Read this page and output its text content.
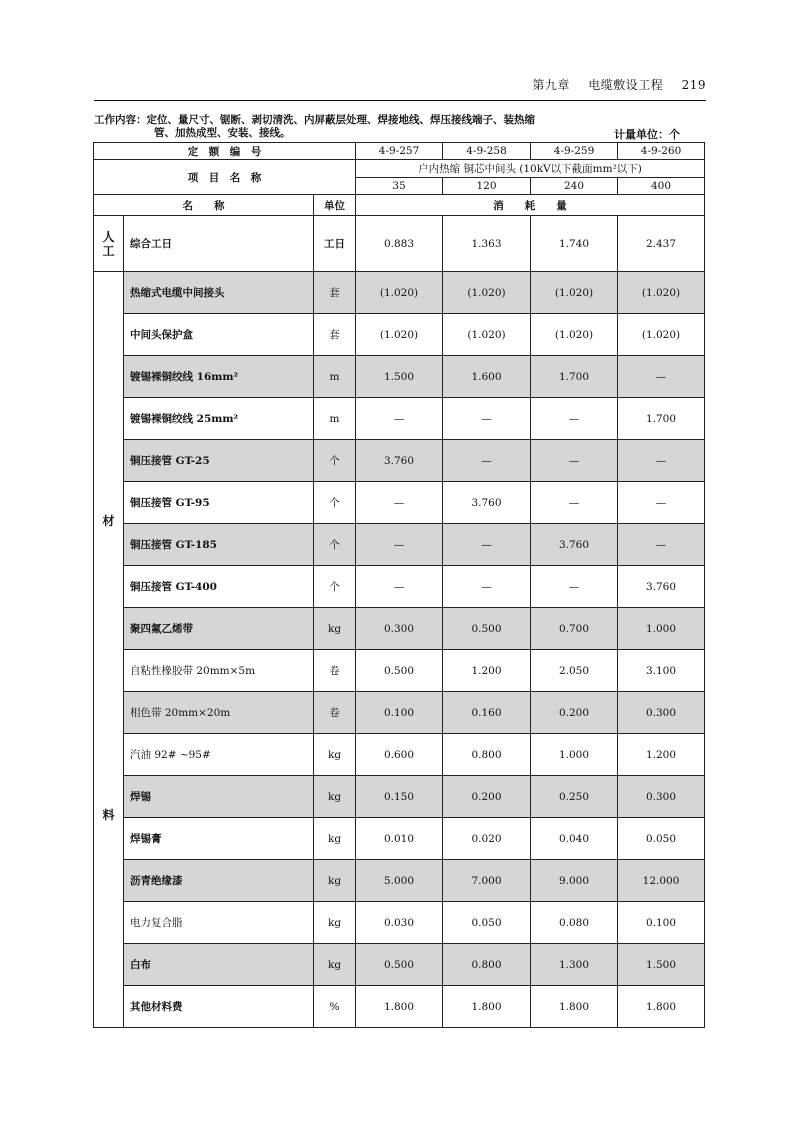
第九章 电缆敷设工程 219
工作内容：定位、量尺寸、锯断、剥切清洗、内屏蔽层处理、焊接地线、焊压接线端子、装热缩
管、加热成型、安装、接线。	计量单位：个
定　额　编　号			4-9-257	4-9-258	4-9-259	4-9-260
项　目　名　称			户内热缩 铜芯中间头 (10kV以下截面mm²以下)			
			35	120	240	400
名　　称		单位	消　　耗　　量			
人工	综合工日	工日	0.883	1.363	1.740	2.437

材
料	热缩式电缆中间接头	套	(1.020)	(1.020)	(1.020)	(1.020)
	中间头保护盒	套	(1.020)	(1.020)	(1.020)	(1.020)
	镀锡裸铜绞线 16mm²	m	1.500	1.600	1.700	—
	镀锡裸铜绞线 25mm²	m	—	—	—	1.700
	铜压接管 GT-25	个	3.760	—	—	—
	铜压接管 GT-95	个	—	3.760	—	—
	铜压接管 GT-185	个	—	—	3.760	—
	铜压接管 GT-400	个	—	—	—	3.760
	聚四氟乙烯带	kg	0.300	0.500	0.700	1.000
	自粘性橡胶带 20mm×5m	卷	0.500	1.200	2.050	3.100
	相色带 20mm×20m	卷	0.100	0.160	0.200	0.300
	汽油 92# ~95#	kg	0.600	0.800	1.000	1.200
	焊锡	kg	0.150	0.200	0.250	0.300
	焊锡膏	kg	0.010	0.020	0.040	0.050
	沥青绝缘漆	kg	5.000	7.000	9.000	12.000
	电力复合脂	kg	0.030	0.050	0.080	0.100
	白布	kg	0.500	0.800	1.300	1.500
	其他材料费	%	1.800	1.800	1.800	1.800
